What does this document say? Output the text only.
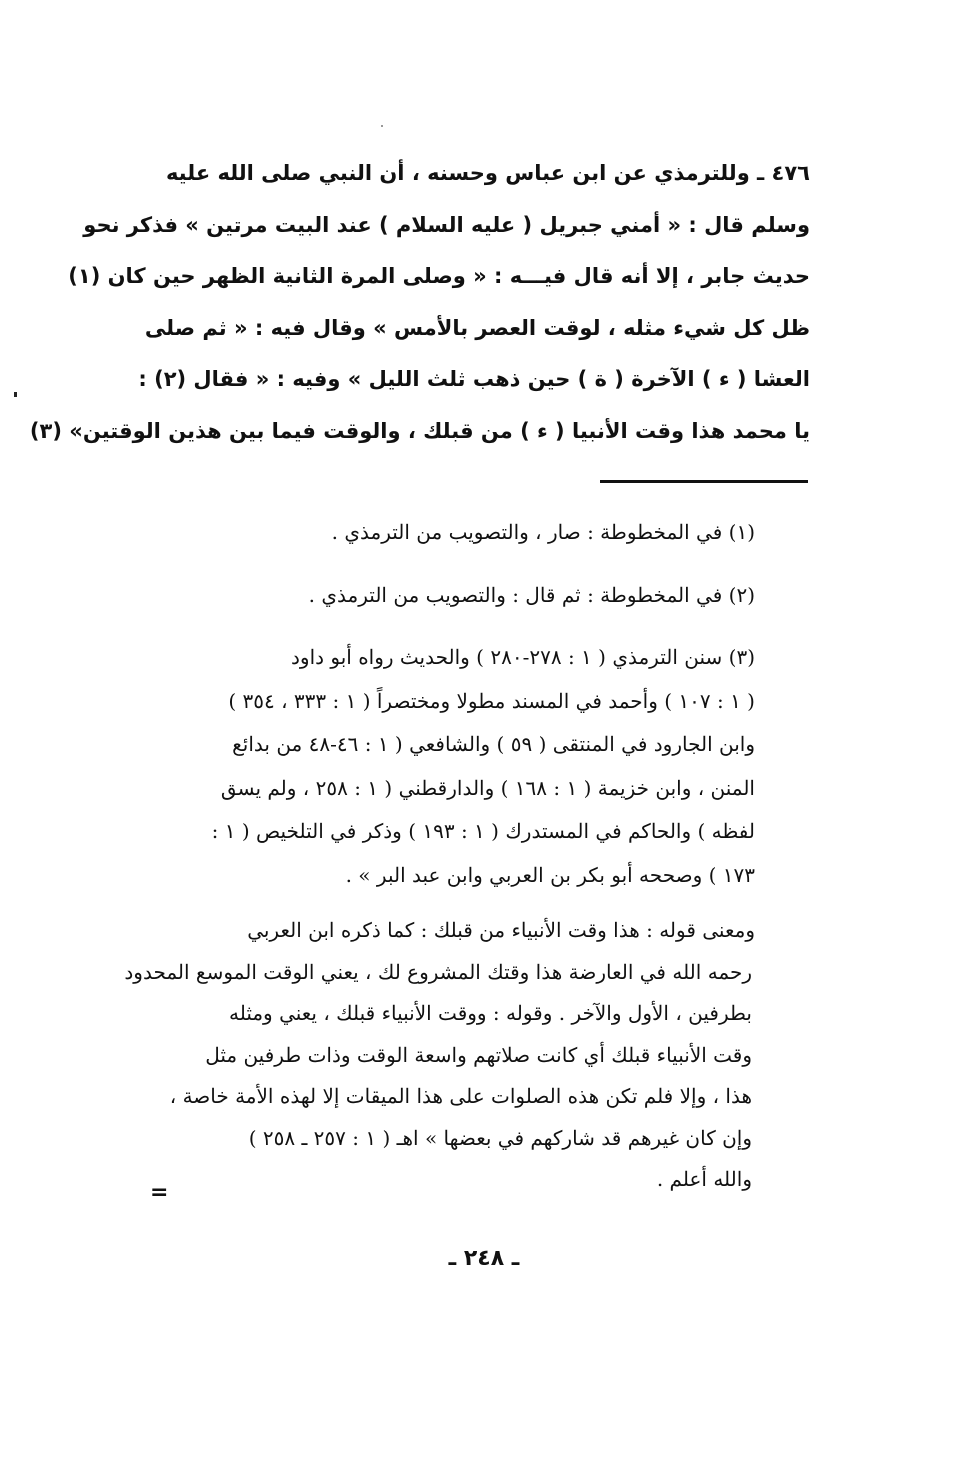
٤٧٦ ـ وللترمذي عن ابن عباس وحسنه ، أن النبي صلى الله عليه
وسلم قال : « أمني جبريل ( عليه السلام ) عند البيت مرتين » فذكر نحو
حديث جابر ، إلا أنه قال فيـــه : « وصلى المرة الثانية الظهر حين كان (١)
ظل كل شيء مثله ، لوقت العصر بالأمس » وقال فيه : « ثم صلى
العشا ( ء ) الآخرة ( ة ) حين ذهب ثلث الليل » وفيه : « فقال (٢) :
يا محمد هذا وقت الأنبيا ( ء ) من قبلك ، والوقت فيما بين هذين الوقتين» (٣)
(١) في المخطوطة : صار ، والتصويب من الترمذي .
(٢) في المخطوطة : ثم قال : والتصويب من الترمذي .
(٣) سنن الترمذي ( ١ : ٢٧٨-٢٨٠ ) والحديث رواه أبو داود
( ١ : ١٠٧ ) وأحمد في المسند مطولا ومختصراً ( ١ : ٣٣٣ ، ٣٥٤ )
وابن الجارود في المنتقى ( ٥٩ ) والشافعي ( ١ : ٤٦-٤٨ من بدائع
المنن ، وابن خزيمة ( ١ : ١٦٨ ) والدارقطني ( ١ : ٢٥٨ ، ولم يسق
لفظه ) والحاكم في المستدرك ( ١ : ١٩٣ ) وذكر في التلخيص ( ١ :
١٧٣ ) وصححه أبو بكر بن العربي وابن عبد البر » .
ومعنى قوله : هذا وقت الأنبياء من قبلك : كما ذكره ابن العربي
رحمه الله في العارضة هذا وقتك المشروع لك ، يعني الوقت الموسع المحدود
بطرفين ، الأول والآخر . وقوله : ووقت الأنبياء قبلك ، يعني ومثله
وقت الأنبياء قبلك أي كانت صلاتهم واسعة الوقت وذات طرفين مثل
هذا ، وإلا فلم تكن هذه الصلوات على هذا الميقات إلا لهذه الأمة خاصة ،
وإن كان غيرهم قد شاركهم في بعضها » اهـ ( ١ : ٢٥٧ ـ ٢٥٨ )
والله أعلم .
=
ـ ٢٤٨ ـ
